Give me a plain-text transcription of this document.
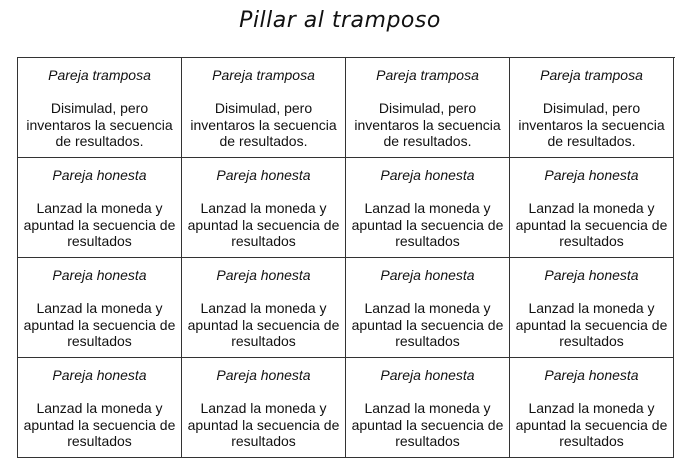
Pillar al tramposo
Pareja tramposa
Disimulad, pero inventaros la secuencia de resultados.
Pareja tramposa
Disimulad, pero inventaros la secuencia de resultados.
Pareja tramposa
Disimulad, pero inventaros la secuencia de resultados.
Pareja tramposa
Disimulad, pero inventaros la secuencia de resultados.
Pareja honesta
Lanzad la moneda y apuntad la secuencia de resultados
Pareja honesta
Lanzad la moneda y apuntad la secuencia de resultados
Pareja honesta
Lanzad la moneda y apuntad la secuencia de resultados
Pareja honesta
Lanzad la moneda y apuntad la secuencia de resultados
Pareja honesta
Lanzad la moneda y apuntad la secuencia de resultados
Pareja honesta
Lanzad la moneda y apuntad la secuencia de resultados
Pareja honesta
Lanzad la moneda y apuntad la secuencia de resultados
Pareja honesta
Lanzad la moneda y apuntad la secuencia de resultados
Pareja honesta
Lanzad la moneda y apuntad la secuencia de resultados
Pareja honesta
Lanzad la moneda y apuntad la secuencia de resultados
Pareja honesta
Lanzad la moneda y apuntad la secuencia de resultados
Pareja honesta
Lanzad la moneda y apuntad la secuencia de resultados
